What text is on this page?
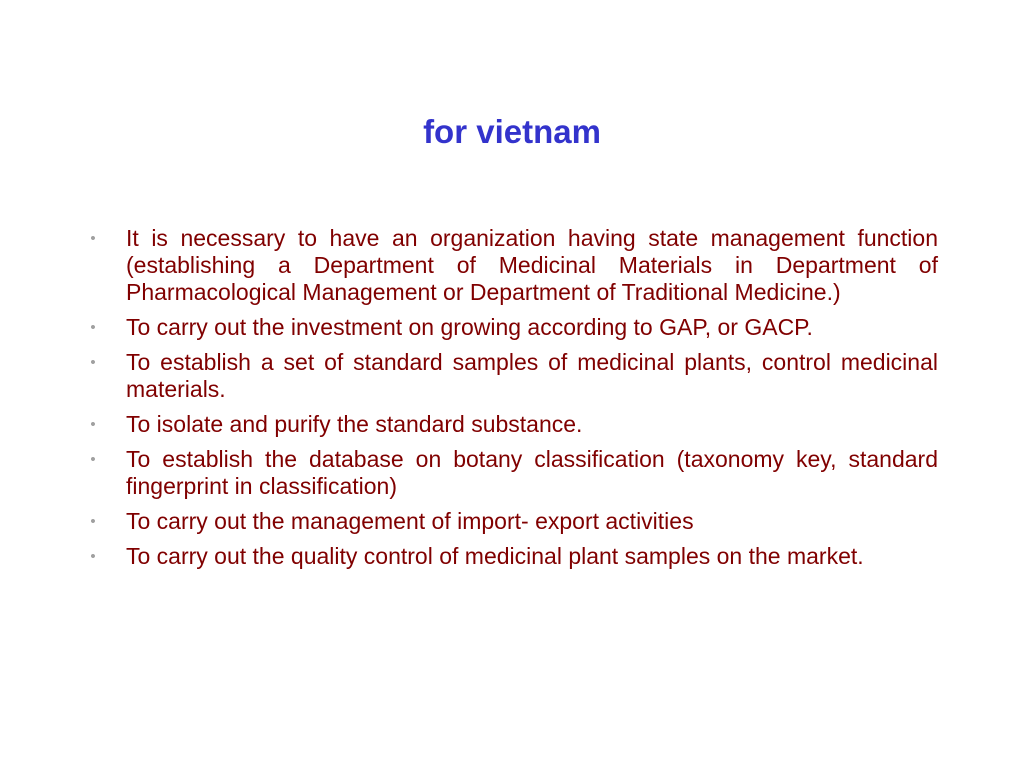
for vietnam
• It is necessary to have an organization having state management function (establishing a Department of Medicinal Materials in Department of Pharmacological Management or Department of Traditional Medicine.)
• To carry out the investment on growing according to GAP, or GACP.
• To establish a set of standard samples of medicinal plants, control medicinal materials.
• To isolate and purify the standard substance.
• To establish the database on botany classification (taxonomy key, standard fingerprint in classification)
• To carry out the management of import- export activities
• To carry out the quality control of medicinal plant samples on the market.
